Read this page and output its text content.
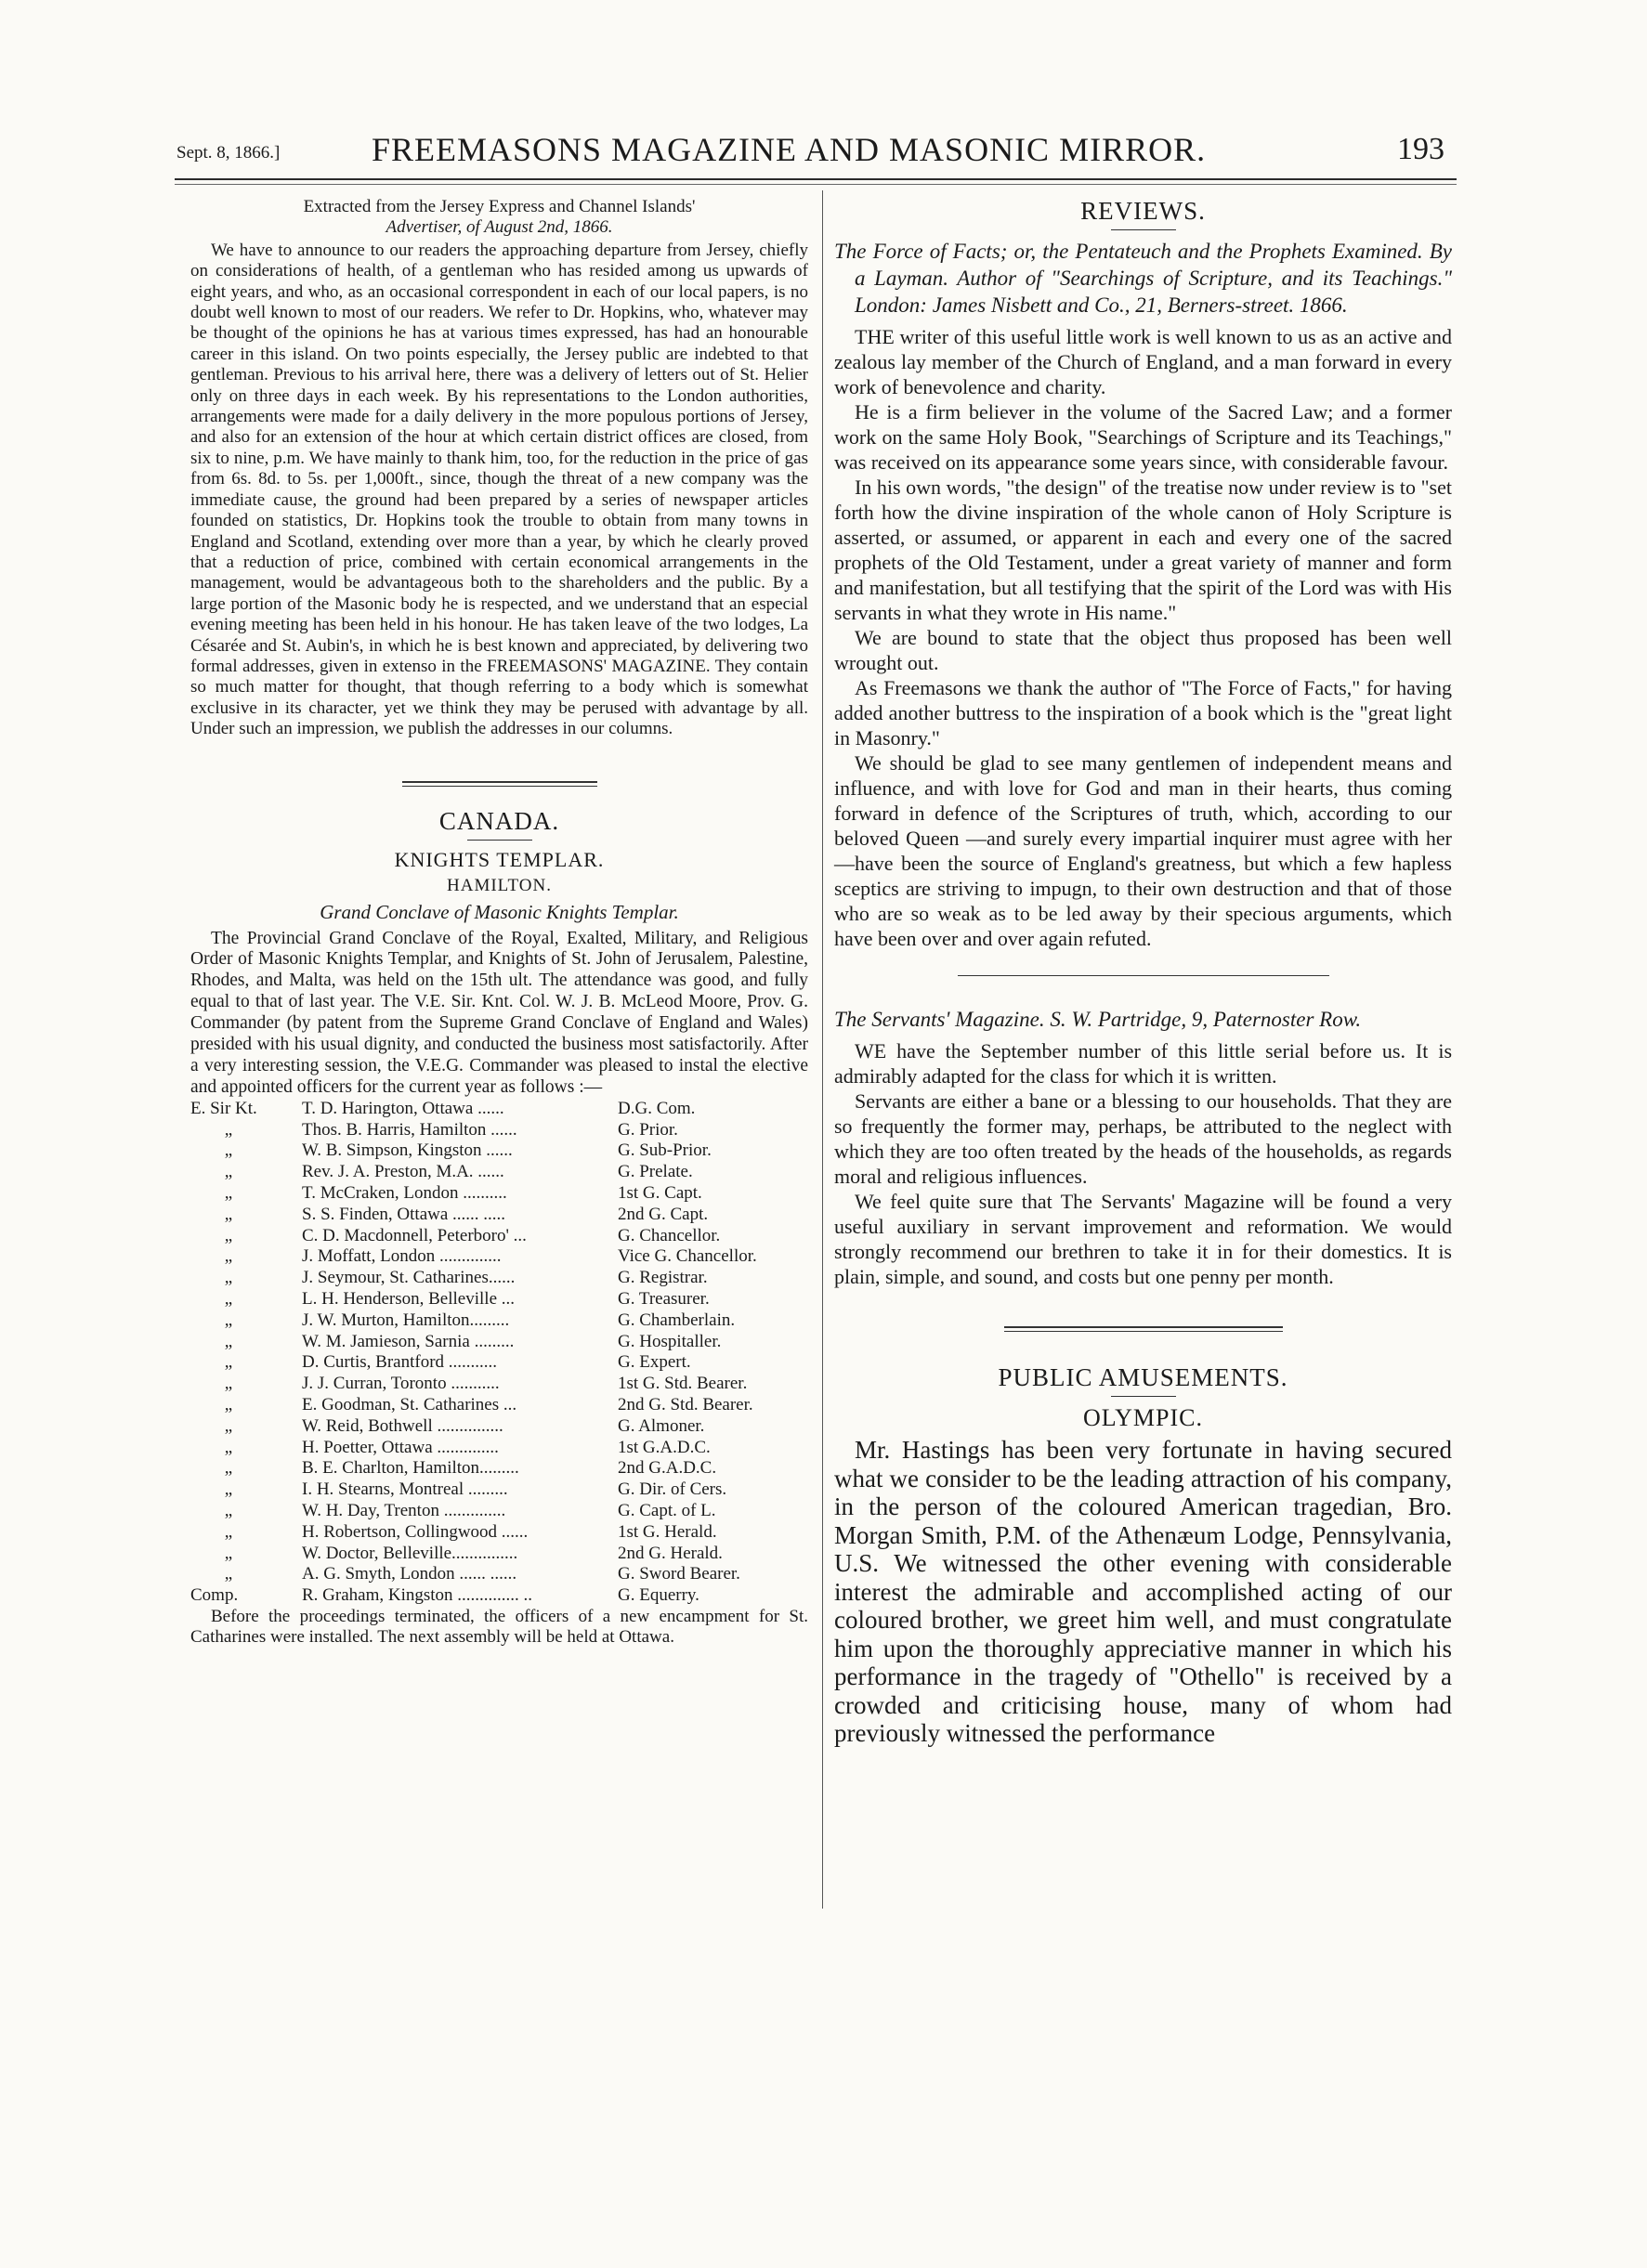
Sept. 8, 1866.]	FREEMASONS MAGAZINE AND MASONIC MIRROR.	193

Extracted from the Jersey Express and Channel Islands'

Advertiser, of August 2nd, 1866.

We have to announce to our readers the approaching departure from Jersey, chiefly on considerations of health, of a gentleman who has resided among us upwards of eight years, and who, as an occasional correspondent in each of our local papers, is no doubt well known to most of our readers. We refer to Dr. Hopkins, who, whatever may be thought of the opinions he has at various times expressed, has had an honourable career in this island. On two points especially, the Jersey public are indebted to that gentleman. Previous to his arrival here, there was a delivery of letters out of St. Helier only on three days in each week. By his representations to the London authorities, arrangements were made for a daily delivery in the more populous portions of Jersey, and also for an extension of the hour at which certain district offices are closed, from six to nine, p.m. We have mainly to thank him, too, for the reduction in the price of gas from 6s. 8d. to 5s. per 1,000ft., since, though the threat of a new company was the immediate cause, the ground had been prepared by a series of newspaper articles founded on statistics, Dr. Hopkins took the trouble to obtain from many towns in England and Scotland, extending over more than a year, by which he clearly proved that a reduction of price, combined with certain economical arrangements in the management, would be advantageous both to the shareholders and the public. By a large portion of the Masonic body he is respected, and we understand that an especial evening meeting has been held in his honour. He has taken leave of the two lodges, La Césarée and St. Aubin's, in which he is best known and appreciated, by delivering two formal addresses, given in extenso in the FREEMASONS' MAGAZINE. They contain so much matter for thought, that though referring to a body which is somewhat exclusive in its character, yet we think they may be perused with advantage by all. Under such an impression, we publish the addresses in our columns.

CANADA.
KNIGHTS TEMPLAR.
HAMILTON.
Grand Conclave of Masonic Knights Templar.

The Provincial Grand Conclave of the Royal, Exalted, Military, and Religious Order of Masonic Knights Templar, and Knights of St. John of Jerusalem, Palestine, Rhodes, and Malta, was held on the 15th ult. The attendance was good, and fully equal to that of last year. The V.E. Sir. Knt. Col. W. J. B. McLeod Moore, Prov. G. Commander (by patent from the Supreme Grand Conclave of England and Wales) presided with his usual dignity, and conducted the business most satisfactorily. After a very interesting session, the V.E.G. Commander was pleased to instal the elective and appointed officers for the current year as follows :—

E. Sir Kt.	T. D. Harington, Ottawa ......	D.G. Com.
„	Thos. B. Harris, Hamilton ......	G. Prior.
„	W. B. Simpson, Kingston ......	G. Sub-Prior.
„	Rev. J. A. Preston, M.A. ......	G. Prelate.
„	T. McCraken, London ..........	1st G. Capt.
„	S. S. Finden, Ottawa ...... .....	2nd G. Capt.
„	C. D. Macdonnell, Peterboro' ...	G. Chancellor.
„	J. Moffatt, London ..............	Vice G. Chancellor.
„	J. Seymour, St. Catharines......	G. Registrar.
„	L. H. Henderson, Belleville ...	G. Treasurer.
„	J. W. Murton, Hamilton.........	G. Chamberlain.
„	W. M. Jamieson, Sarnia .........	G. Hospitaller.
„	D. Curtis, Brantford ...........	G. Expert.
„	J. J. Curran, Toronto ...........	1st G. Std. Bearer.
„	E. Goodman, St. Catharines ...	2nd G. Std. Bearer.
„	W. Reid, Bothwell ...............	G. Almoner.
„	H. Poetter, Ottawa ..............	1st G.A.D.C.
„	B. E. Charlton, Hamilton.........	2nd G.A.D.C.
„	I. H. Stearns, Montreal .........	G. Dir. of Cers.
„	W. H. Day, Trenton ..............	G. Capt. of L.
„	H. Robertson, Collingwood ......	1st G. Herald.
„	W. Doctor, Belleville...............	2nd G. Herald.
„	A. G. Smyth, London ...... ......	G. Sword Bearer.
Comp.	R. Graham, Kingston .............. ..	G. Equerry.

Before the proceedings terminated, the officers of a new encampment for St. Catharines were installed. The next assembly will be held at Ottawa.

REVIEWS.

The Force of Facts; or, the Pentateuch and the Prophets Examined. By a Layman. Author of "Searchings of Scripture, and its Teachings." London: James Nisbett and Co., 21, Berners-street. 1866.

THE writer of this useful little work is well known to us as an active and zealous lay member of the Church of England, and a man forward in every work of benevolence and charity.

He is a firm believer in the volume of the Sacred Law; and a former work on the same Holy Book, "Searchings of Scripture and its Teachings," was received on its appearance some years since, with considerable favour.

In his own words, "the design" of the treatise now under review is to "set forth how the divine inspiration of the whole canon of Holy Scripture is asserted, or assumed, or apparent in each and every one of the sacred prophets of the Old Testament, under a great variety of manner and form and manifestation, but all testifying that the spirit of the Lord was with His servants in what they wrote in His name."

We are bound to state that the object thus proposed has been well wrought out.

As Freemasons we thank the author of "The Force of Facts," for having added another buttress to the inspiration of a book which is the "great light in Masonry."

We should be glad to see many gentlemen of independent means and influence, and with love for God and man in their hearts, thus coming forward in defence of the Scriptures of truth, which, according to our beloved Queen —and surely every impartial inquirer must agree with her—have been the source of England's greatness, but which a few hapless sceptics are striving to impugn, to their own destruction and that of those who are so weak as to be led away by their specious arguments, which have been over and over again refuted.

The Servants' Magazine. S. W. Partridge, 9, Paternoster Row.

WE have the September number of this little serial before us. It is admirably adapted for the class for which it is written.

Servants are either a bane or a blessing to our households. That they are so frequently the former may, perhaps, be attributed to the neglect with which they are too often treated by the heads of the households, as regards moral and religious influences.

We feel quite sure that The Servants' Magazine will be found a very useful auxiliary in servant improvement and reformation. We would strongly recommend our brethren to take it in for their domestics. It is plain, simple, and sound, and costs but one penny per month.

PUBLIC AMUSEMENTS.
OLYMPIC.

Mr. Hastings has been very fortunate in having secured what we consider to be the leading attraction of his company, in the person of the coloured American tragedian, Bro. Morgan Smith, P.M. of the Athenæum Lodge, Pennsylvania, U.S. We witnessed the other evening with considerable interest the admirable and accomplished acting of our coloured brother, we greet him well, and must congratulate him upon the thoroughly appreciative manner in which his performance in the tragedy of "Othello" is received by a crowded and criticising house, many of whom had previously witnessed the performance
